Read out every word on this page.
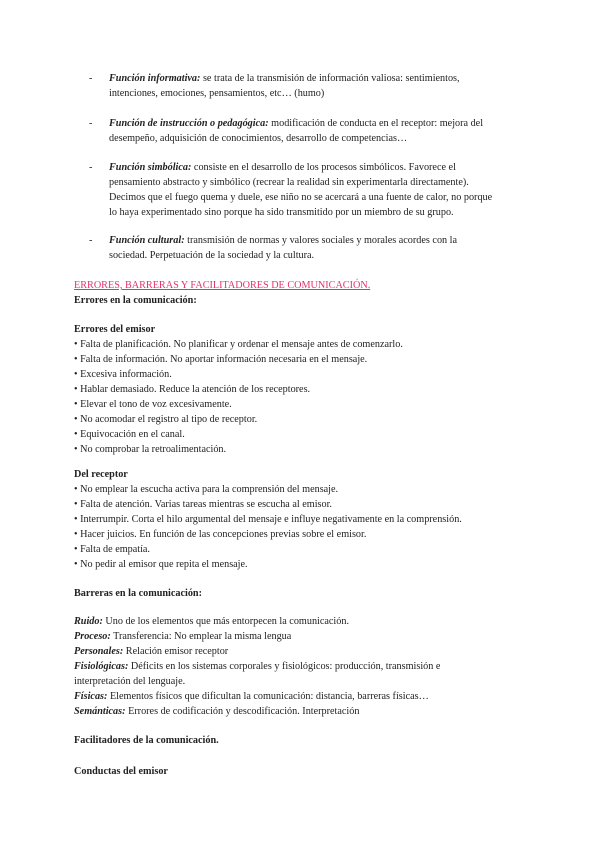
-	Función informativa: se trata de la transmisión de información valiosa: sentimientos,
intenciones, emociones, pensamientos, etc… (humo)
-	Función de instrucción o pedagógica: modificación de conducta en el receptor: mejora del
desempeño, adquisición de conocimientos, desarrollo de competencias…
-	Función simbólica: consiste en el desarrollo de los procesos simbólicos. Favorece el
pensamiento abstracto y simbólico (recrear la realidad sin experimentarla directamente).
Decimos que el fuego quema y duele, ese niño no se acercará a una fuente de calor, no porque
lo haya experimentado sino porque ha sido transmitido por un miembro de su grupo.
-	Función cultural: transmisión de normas y valores sociales y morales acordes con la
sociedad. Perpetuación de la sociedad y la cultura.
ERRORES, BARRERAS Y FACILITADORES DE COMUNICACIÓN.
Errores en la comunicación:
Errores del emisor
• Falta de planificación. No planificar y ordenar el mensaje antes de comenzarlo.
• Falta de información. No aportar información necesaria en el mensaje.
• Excesiva información.
• Hablar demasiado. Reduce la atención de los receptores.
• Elevar el tono de voz excesivamente.
• No acomodar el registro al tipo de receptor.
• Equivocación en el canal.
• No comprobar la retroalimentación.
Del receptor
• No emplear la escucha activa para la comprensión del mensaje.
• Falta de atención. Varias tareas mientras se escucha al emisor.
• Interrumpir. Corta el hilo argumental del mensaje e influye negativamente en la comprensión.
• Hacer juicios. En función de las concepciones previas sobre el emisor.
• Falta de empatía.
• No pedir al emisor que repita el mensaje.
Barreras en la comunicación:
Ruido: Uno de los elementos que más entorpecen la comunicación.
Proceso: Transferencia: No emplear la misma lengua
Personales: Relación emisor receptor
Fisiológicas: Déficits en los sistemas corporales y fisiológicos: producción, transmisión e
interpretación del lenguaje.
Físicas: Elementos físicos que dificultan la comunicación: distancia, barreras físicas…
Semánticas: Errores de codificación y descodificación. Interpretación
Facilitadores de la comunicación.
Conductas del emisor
